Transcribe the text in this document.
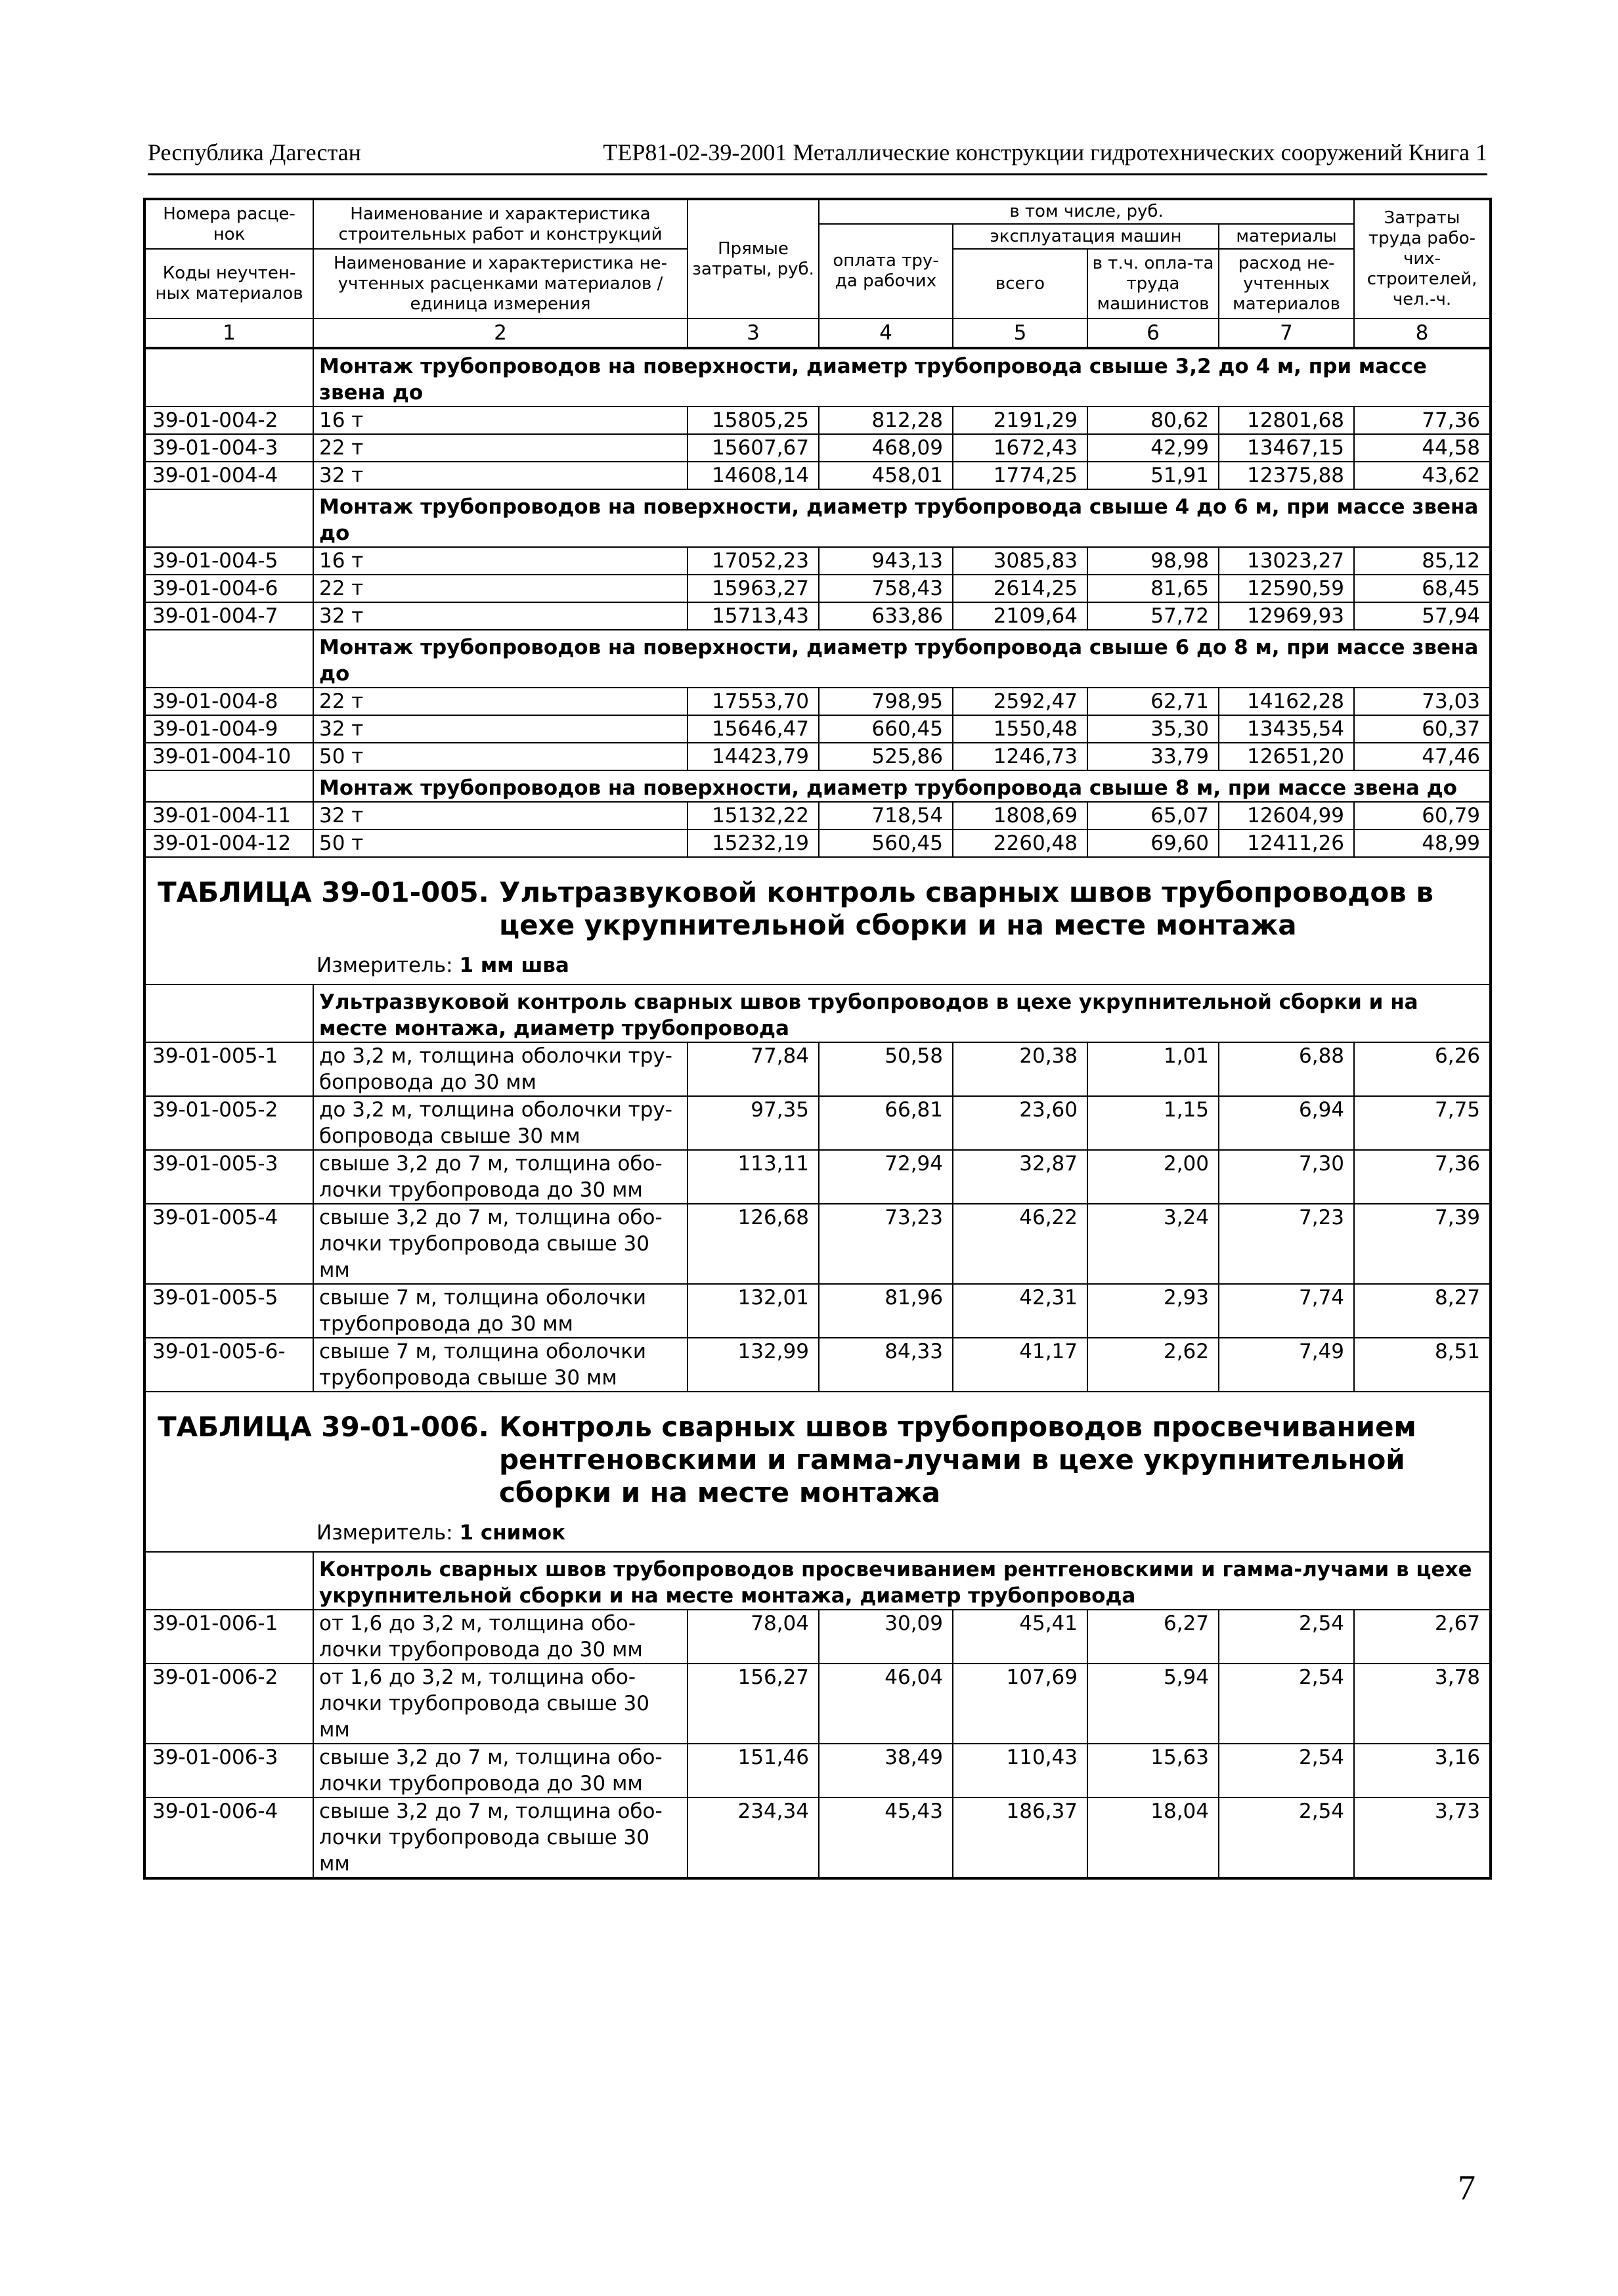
Республика Дагестан	ТЕР81-02-39-2001 Металлические конструкции гидротехнических сооружений Книга 1
Номера расце-нок	Наименование и характеристика строительных работ и конструкций	Прямые затраты, руб.	в том числе, руб.				Затраты труда рабо-чих-строителей, чел.-ч.
			оплата тру-да рабочих	эксплуатация машин		материалы	
Коды неучтен-ных материалов	Наименование и характеристика не-учтенных расценками материалов / единица измерения			всего	в т.ч. опла-та труда машинистов	расход не-учтенных материалов	

1	2	3	4	5	6	7	8
	Монтаж трубопроводов на поверхности, диаметр трубопровода свыше 3,2 до 4 м, при массе звена до						
39-01-004-2	16 т	15805,25	812,28	2191,29	80,62	12801,68	77,36
39-01-004-3	22 т	15607,67	468,09	1672,43	42,99	13467,15	44,58
39-01-004-4	32 т	14608,14	458,01	1774,25	51,91	12375,88	43,62
	Монтаж трубопроводов на поверхности, диаметр трубопровода свыше 4 до 6 м, при массе звена до						
39-01-004-5	16 т	17052,23	943,13	3085,83	98,98	13023,27	85,12
39-01-004-6	22 т	15963,27	758,43	2614,25	81,65	12590,59	68,45
39-01-004-7	32 т	15713,43	633,86	2109,64	57,72	12969,93	57,94
	Монтаж трубопроводов на поверхности, диаметр трубопровода свыше 6 до 8 м, при массе звена до						
39-01-004-8	22 т	17553,70	798,95	2592,47	62,71	14162,28	73,03
39-01-004-9	32 т	15646,47	660,45	1550,48	35,30	13435,54	60,37
39-01-004-10	50 т	14423,79	525,86	1246,73	33,79	12651,20	47,46
	Монтаж трубопроводов на поверхности, диаметр трубопровода свыше 8 м, при массе звена до						
39-01-004-11	32 т	15132,22	718,54	1808,69	65,07	12604,99	60,79
39-01-004-12	50 т	15232,19	560,45	2260,48	69,60	12411,26	48,99

ТАБЛИЦА 39-01-005. Ультразвуковой контроль сварных швов трубопроводов в цехе укрупнительной сборки и на месте монтажа
Измеритель: 1 мм шва							

	Ультразвуковой контроль сварных швов трубопроводов в цехе укрупнительной сборки и на месте монтажа, диаметр трубопровода						
39-01-005-1	до 3,2 м, толщина оболочки тру-бопровода до 30 мм	77,84	50,58	20,38	1,01	6,88	6,26
39-01-005-2	до 3,2 м, толщина оболочки тру-бопровода свыше 30 мм	97,35	66,81	23,60	1,15	6,94	7,75
39-01-005-3	свыше 3,2 до 7 м, толщина обо-лочки трубопровода до 30 мм	113,11	72,94	32,87	2,00	7,30	7,36
39-01-005-4	свыше 3,2 до 7 м, толщина обо-лочки трубопровода свыше 30 мм	126,68	73,23	46,22	3,24	7,23	7,39
39-01-005-5	свыше 7 м, толщина оболочки трубопровода до 30 мм	132,01	81,96	42,31	2,93	7,74	8,27
39-01-005-6-	свыше 7 м, толщина оболочки трубопровода свыше 30 мм	132,99	84,33	41,17	2,62	7,49	8,51

ТАБЛИЦА 39-01-006. Контроль сварных швов трубопроводов просвечиванием рентгеновскими и гамма-лучами в цехе укрупнительной сборки и на месте монтажа
Измеритель: 1 снимок							

	Контроль сварных швов трубопроводов просвечиванием рентгеновскими и гамма-лучами в цехе укрупнительной сборки и на месте монтажа, диаметр трубопровода						
39-01-006-1	от 1,6 до 3,2 м, толщина обо-лочки трубопровода до 30 мм	78,04	30,09	45,41	6,27	2,54	2,67
39-01-006-2	от 1,6 до 3,2 м, толщина обо-лочки трубопровода свыше 30 мм	156,27	46,04	107,69	5,94	2,54	3,78
39-01-006-3	свыше 3,2 до 7 м, толщина обо-лочки трубопровода до 30 мм	151,46	38,49	110,43	15,63	2,54	3,16
39-01-006-4	свыше 3,2 до 7 м, толщина обо-лочки трубопровода свыше 30 мм	234,34	45,43	186,37	18,04	2,54	3,73
7
